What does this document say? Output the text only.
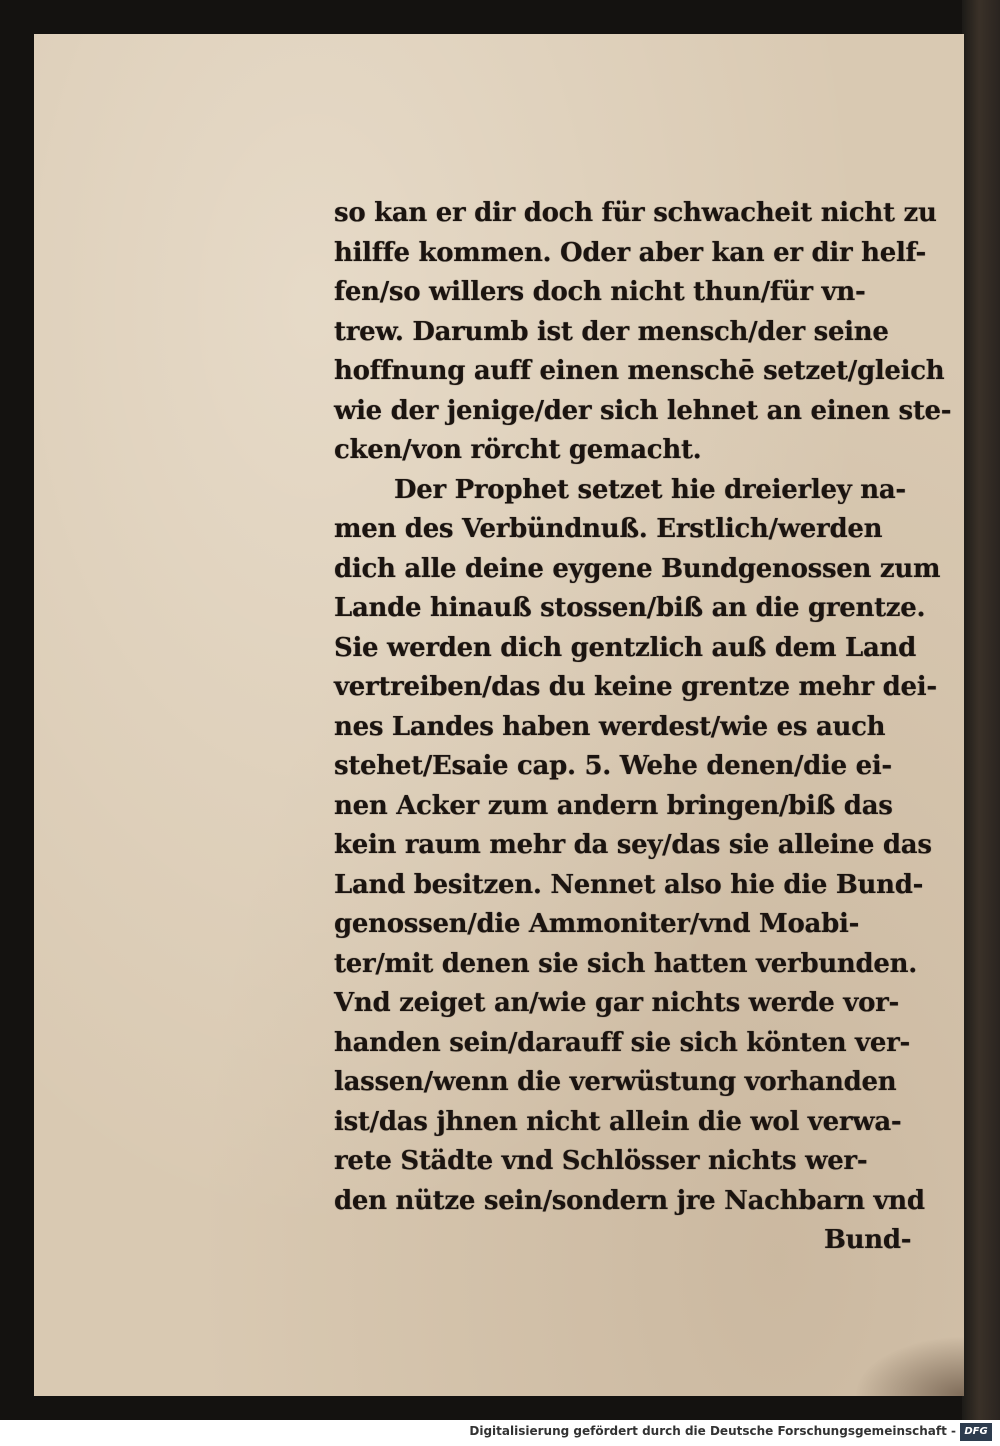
so kan er dir doch für schwacheit nicht zu
hilffe kommen. Oder aber kan er dir helf-
fen/so willers doch nicht thun/für vn-
trew. Darumb ist der mensch/der seine
hoffnung auff einen menschē setzet/gleich
wie der jenige/der sich lehnet an einen ste-
cken/von rörcht gemacht.
Der Prophet setzet hie dreierley na-
men des Verbündnuß. Erstlich/werden
dich alle deine eygene Bundgenossen zum
Lande hinauß stossen/biß an die grentze.
Sie werden dich gentzlich auß dem Land
vertreiben/das du keine grentze mehr dei-
nes Landes haben werdest/wie es auch
stehet/Esaie cap. 5. Wehe denen/die ei-
nen Acker zum andern bringen/biß das
kein raum mehr da sey/das sie alleine das
Land besitzen. Nennet also hie die Bund-
genossen/die Ammoniter/vnd Moabi-
ter/mit denen sie sich hatten verbunden.
Vnd zeiget an/wie gar nichts werde vor-
handen sein/darauff sie sich könten ver-
lassen/wenn die verwüstung vorhanden
ist/das jhnen nicht allein die wol verwa-
rete Städte vnd Schlösser nichts wer-
den nütze sein/sondern jre Nachbarn vnd
Bund-
Digitalisierung gefördert durch die Deutsche Forschungsgemeinschaft - DFG
